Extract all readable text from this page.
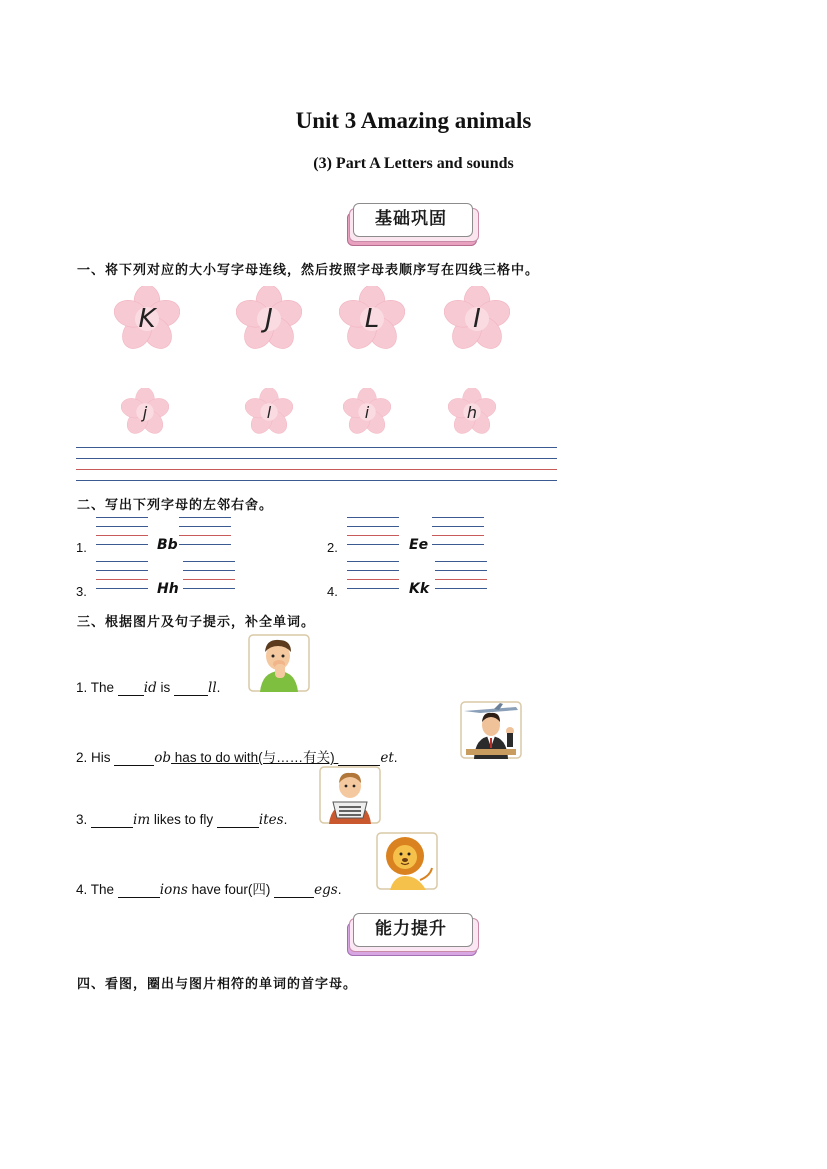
Unit 3 Amazing animals
(3) Part A Letters and sounds
基础巩固
一、将下列对应的大小写字母连线，然后按照字母表顺序写在四线三格中。
K	J	L	I
j	l	i	h
二、写出下列字母的左邻右舍。
1.	Bb	2.	Ee
3.	Hh	4.	Kk
三、根据图片及句子提示，补全单词。
1. The id is	ll.
2. His	ob has to do with(与……有关)	et.
3.	im likes to fly	ites.
4. The	ions have four(四)	egs.
能力提升
四、看图，圈出与图片相符的单词的首字母。
